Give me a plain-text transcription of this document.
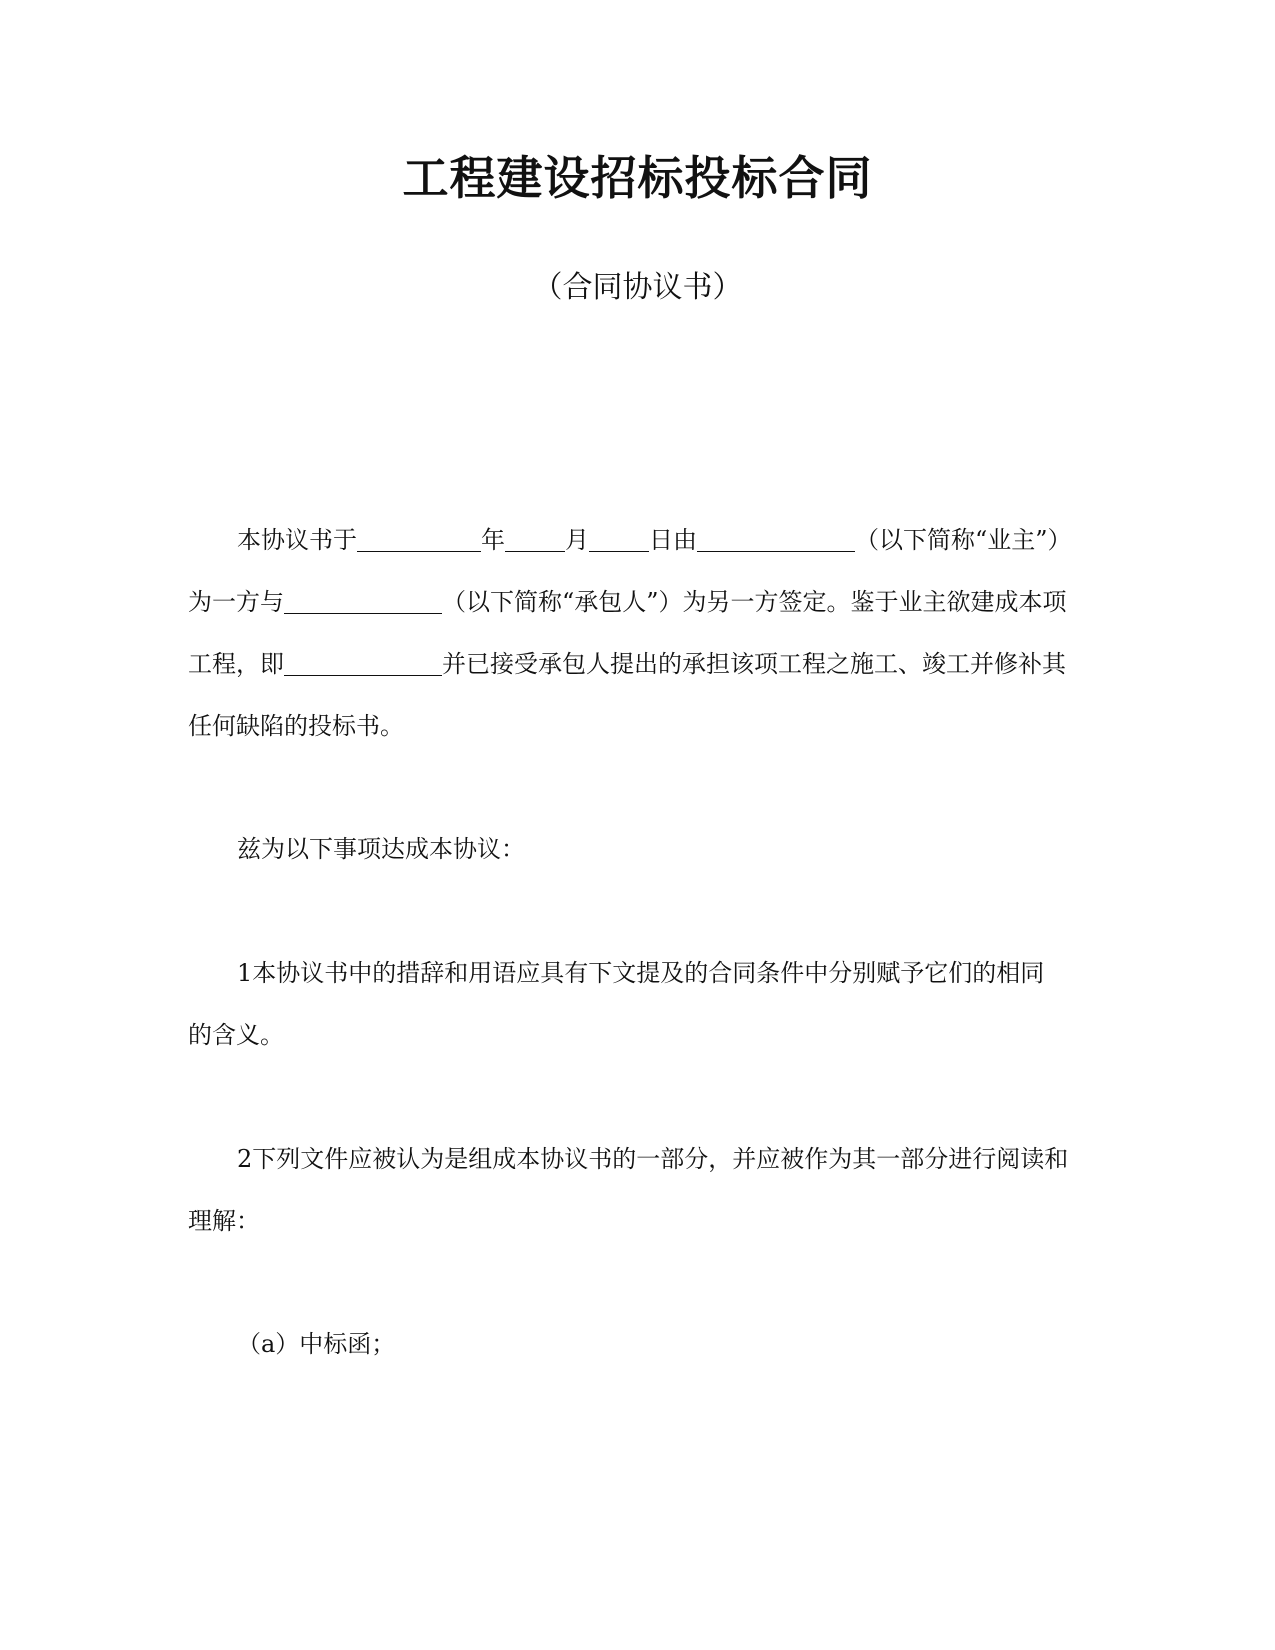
工程建设招标投标合同
（合同协议书）
本协议书于	年	月	日由	（以下简称“业主”）
为一方与	（以下简称“承包人”）为另一方签定。鉴于业主欲建成本项
工程，即	并已接受承包人提出的承担该项工程之施工、竣工并修补其
任何缺陷的投标书。
兹为以下事项达成本协议：
1本协议书中的措辞和用语应具有下文提及的合同条件中分别赋予它们的相同
的含义。
2下列文件应被认为是组成本协议书的一部分，并应被作为其一部分进行阅读和
理解：
（a）中标函；
